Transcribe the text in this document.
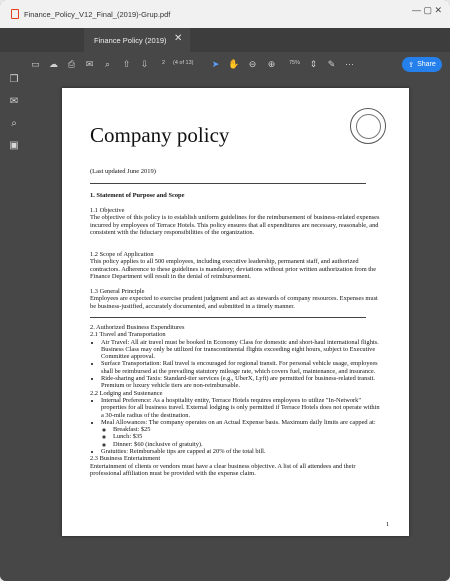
Finance_Policy_V12_Final_(2019)-Grup.pdf	— ▢ ✕
Finance Policy (2019) ✕
❐
✉
⌕
▣
▭ ☁ ⎙ ✉	⌕	⇧ ⇩	2 (4 of 13) ➤ ✋ ⊖ ⊕	75% ⇕ ✎ ⋯	⇪ Share
Company policy
(Last updated June 2019)
1. Statement of Purpose and Scope
1.1 Objective
The objective of this policy is to establish uniform guidelines for the reimbursement of business-related expenses incurred by employees of Terrace Hotels. This policy ensures that all expenditures are necessary, reasonable, and consistent with the fiduciary responsibilities of the organization.
1.2 Scope of Application
This policy applies to all 500 employees, including executive leadership, permanent staff, and authorized contractors. Adherence to these guidelines is mandatory; deviations without prior written authorization from the Finance Department will result in the denial of reimbursement.
1.3 General Principle
Employees are expected to exercise prudent judgment and act as stewards of company resources. Expenses must be business-justified, accurately documented, and submitted in a timely manner.
2. Authorized Business Expenditures
2.1 Travel and Transportation
• Air Travel: All air travel must be booked in Economy Class for domestic and short-haul international flights. Business Class may only be utilized for transcontinental flights exceeding eight hours, subject to Executive Committee approval.
• Surface Transportation: Rail travel is encouraged for regional transit. For personal vehicle usage, employees shall be reimbursed at the prevailing statutory mileage rate, which covers fuel, maintenance, and insurance.
• Ride-sharing and Taxis: Standard-tier services (e.g., UberX, Lyft) are permitted for business-related transit. Premium or luxury vehicle tiers are non-reimbursable.
2.2 Lodging and Sustenance
• Internal Preference: As a hospitality entity, Terrace Hotels requires employees to utilize "In-Network" properties for all business travel. External lodging is only permitted if Terrace Hotels does not operate within a 30-mile radius of the destination.
• Meal Allowances: The company operates on an Actual Expense basis. Maximum daily limits are capped at:
◦ Breakfast: $25
◦ Lunch: $35
◦ Dinner: $60 (inclusive of gratuity).
• Gratuities: Reimbursable tips are capped at 20% of the total bill.
2.3 Business Entertainment
Entertainment of clients or vendors must have a clear business objective. A list of all attendees and their professional affiliation must be provided with the expense claim.
1
